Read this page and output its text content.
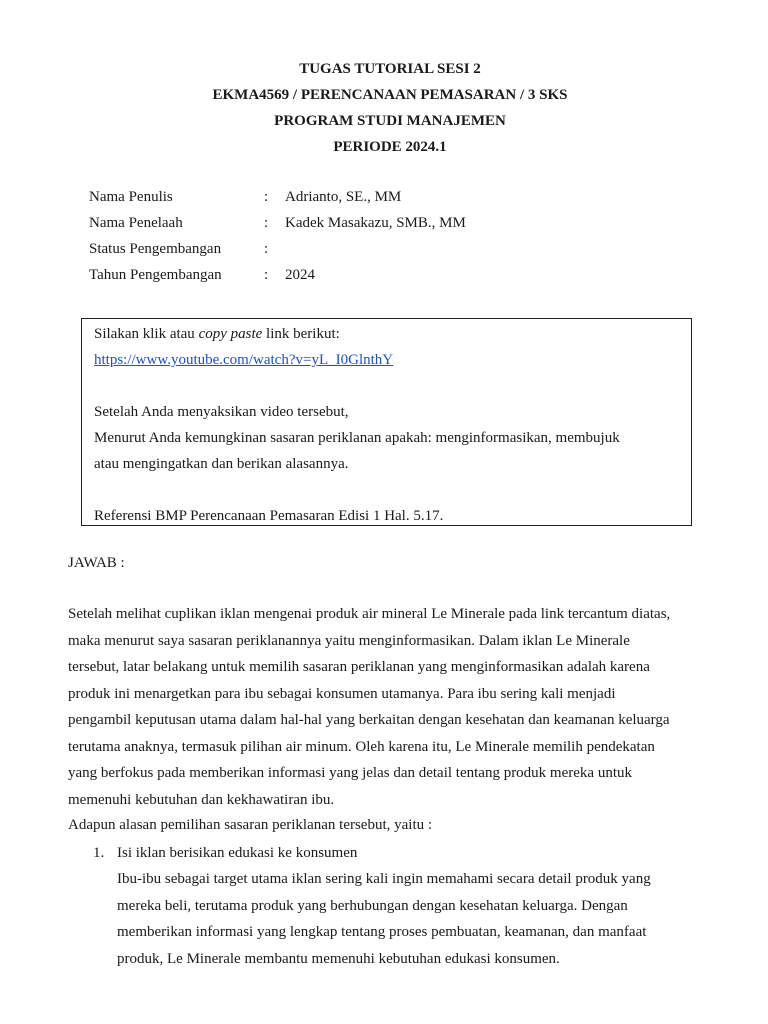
TUGAS TUTORIAL SESI 2
EKMA4569 / PERENCANAAN PEMASARAN / 3 SKS
PROGRAM STUDI MANAJEMEN
PERIODE 2024.1
Nama Penulis	:	Adrianto, SE., MM
Nama Penelaah	:	Kadek Masakazu, SMB., MM
Status Pengembangan	:
Tahun Pengembangan	:	2024
Silakan klik atau copy paste link berikut:
https://www.youtube.com/watch?v=yL_I0GlnthY
Setelah Anda menyaksikan video tersebut,
Menurut Anda kemungkinan sasaran periklanan apakah: menginformasikan, membujuk
atau mengingatkan dan berikan alasannya.
Referensi BMP Perencanaan Pemasaran Edisi 1 Hal. 5.17.
JAWAB :
Setelah melihat cuplikan iklan mengenai produk air mineral Le Minerale pada link tercantum diatas,
maka menurut saya sasaran periklanannya yaitu menginformasikan. Dalam iklan Le Minerale
tersebut, latar belakang untuk memilih sasaran periklanan yang menginformasikan adalah karena
produk ini menargetkan para ibu sebagai konsumen utamanya. Para ibu sering kali menjadi
pengambil keputusan utama dalam hal-hal yang berkaitan dengan kesehatan dan keamanan keluarga
terutama anaknya, termasuk pilihan air minum. Oleh karena itu, Le Minerale memilih pendekatan
yang berfokus pada memberikan informasi yang jelas dan detail tentang produk mereka untuk
memenuhi kebutuhan dan kekhawatiran ibu.
Adapun alasan pemilihan sasaran periklanan tersebut, yaitu :
1. Isi iklan berisikan edukasi ke konsumen
Ibu-ibu sebagai target utama iklan sering kali ingin memahami secara detail produk yang
mereka beli, terutama produk yang berhubungan dengan kesehatan keluarga. Dengan
memberikan informasi yang lengkap tentang proses pembuatan, keamanan, dan manfaat
produk, Le Minerale membantu memenuhi kebutuhan edukasi konsumen.
